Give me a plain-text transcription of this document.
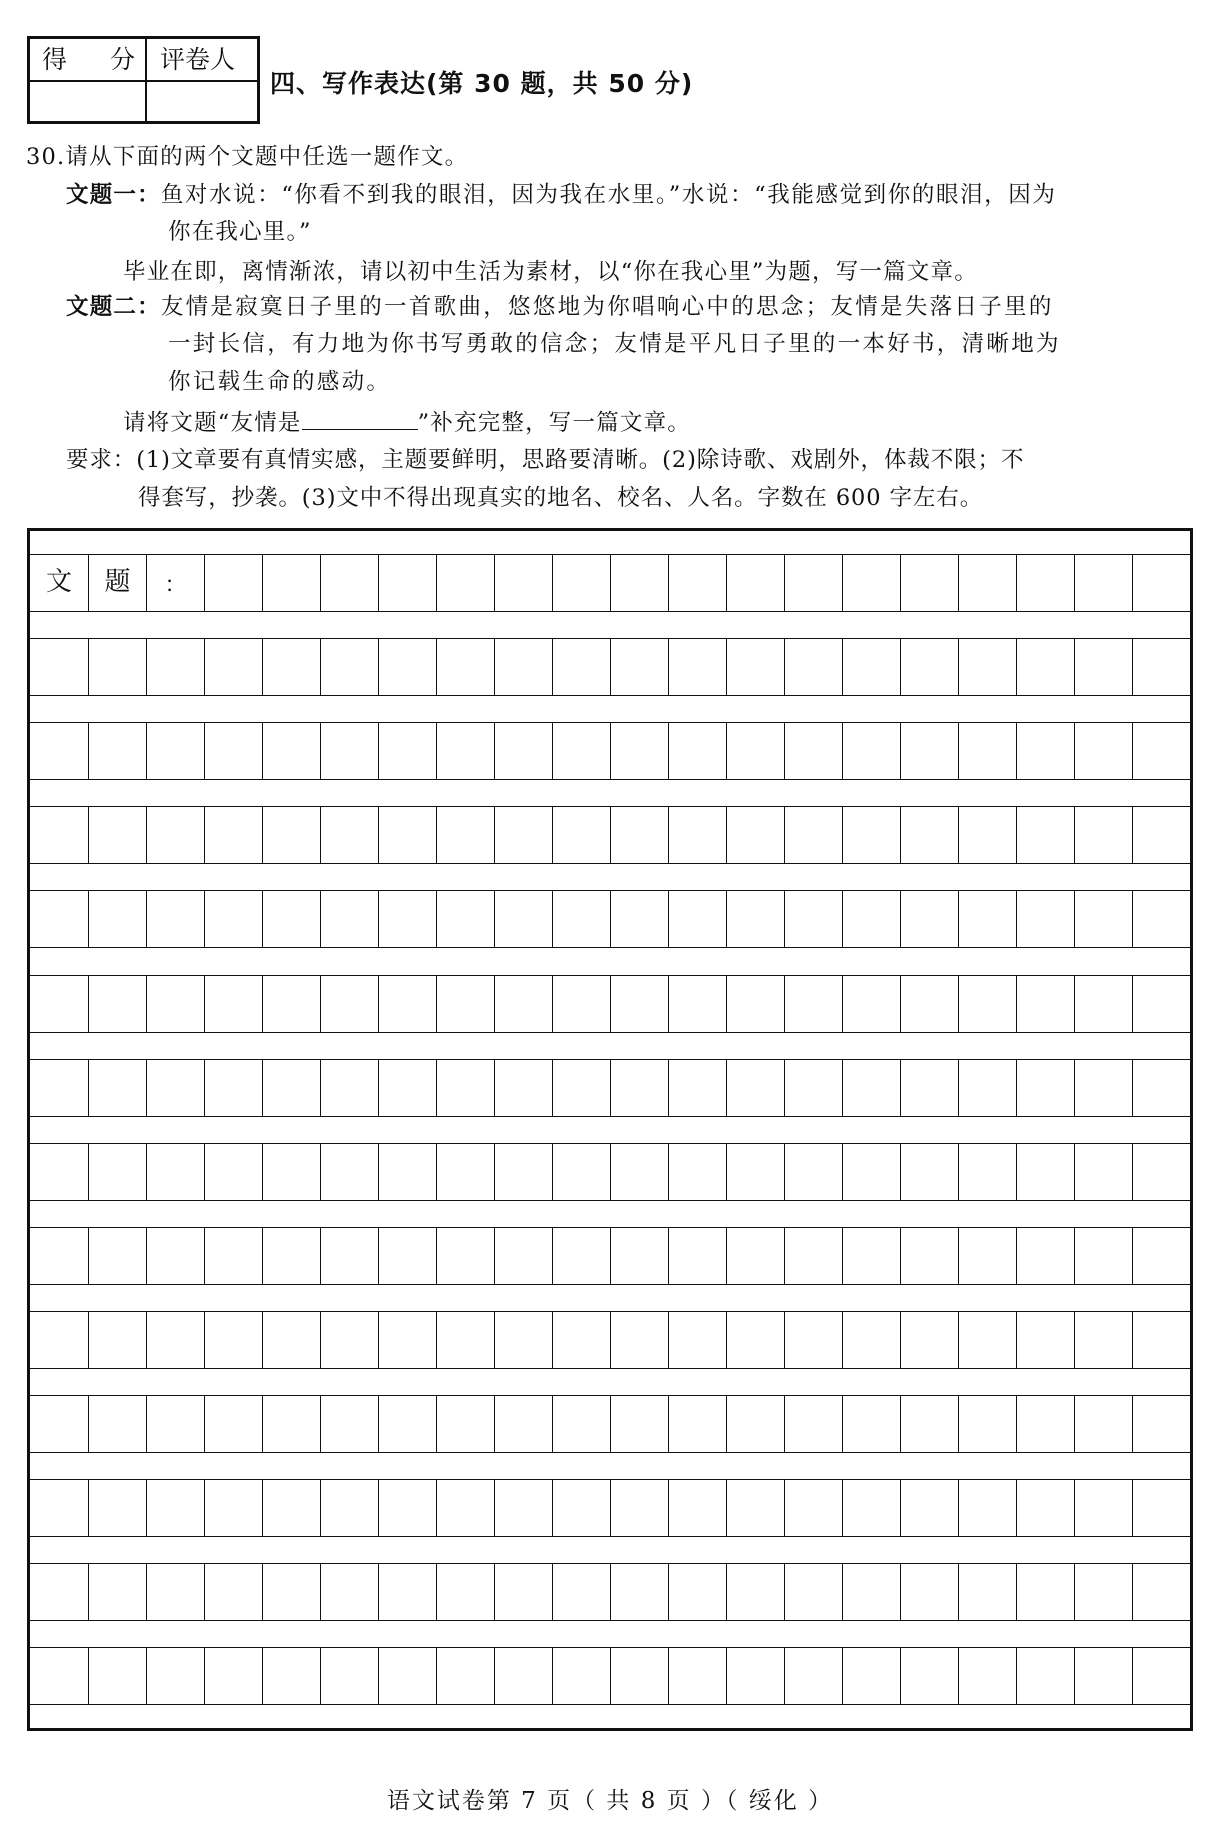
得 分 评卷人
四、写作表达(第 30 题，共 50 分)
30.请从下面的两个文题中任选一题作文。
文题一：鱼对水说：“你看不到我的眼泪，因为我在水里。”水说：“我能感觉到你的眼泪，因为
你在我心里。”
毕业在即，离情渐浓，请以初中生活为素材，以“你在我心里”为题，写一篇文章。
文题二：友情是寂寞日子里的一首歌曲，悠悠地为你唱响心中的思念；友情是失落日子里的
一封长信，有力地为你书写勇敢的信念；友情是平凡日子里的一本好书，清晰地为
你记载生命的感动。
请将文题“友情是	”补充完整，写一篇文章。
要求：(1)文章要有真情实感，主题要鲜明，思路要清晰。(2)除诗歌、戏剧外，体裁不限；不
得套写，抄袭。(3)文中不得出现真实的地名、校名、人名。字数在 600 字左右。
文	题	：
语文试卷第 7 页（ 共 8 页 ）（ 绥化 ）
